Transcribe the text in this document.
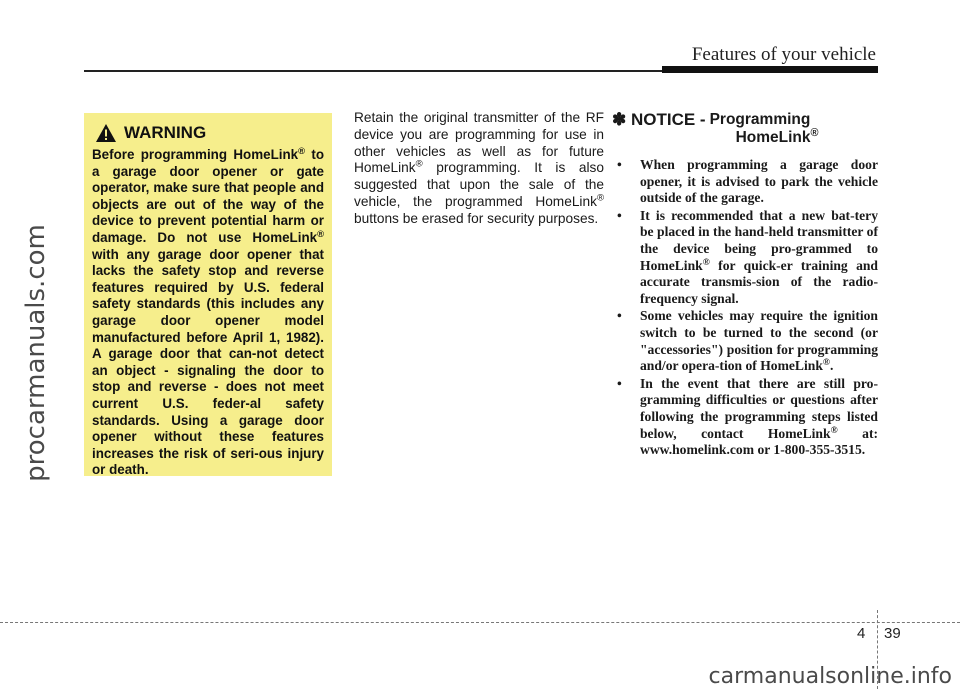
Features of your vehicle
procarmanuals.com
WARNING
Before programming HomeLink® to a garage door opener or gate operator, make sure that people and objects are out of the way of the device to prevent potential harm or damage. Do not use HomeLink® with any garage door opener that lacks the safety stop and reverse features required by U.S. federal safety standards (this includes any garage door opener model manufactured before April 1, 1982). A garage door that can-not detect an object - signaling the door to stop and reverse - does not meet current U.S. feder-al safety standards. Using a garage door opener without these features increases the risk of seri-ous injury or death.
Retain the original transmitter of the RF device you are programming for use in other vehicles as well as for future HomeLink® programming. It is also suggested that upon the sale of the vehicle, the programmed HomeLink® buttons be erased for security purposes.
✽ NOTICE - Programming
HomeLink®
• When programming a garage door opener, it is advised to park the vehicle outside of the garage.
• It is recommended that a new bat-tery be placed in the hand-held transmitter of the device being pro-grammed to HomeLink® for quick-er training and accurate transmis-sion of the radio-frequency signal.
• Some vehicles may require the ignition switch to be turned to the second (or "accessories") position for programming and/or opera-tion of HomeLink®.
• In the event that there are still pro-gramming difficulties or questions after following the programming steps listed below, contact HomeLink® at: www.homelink.com or 1-800-355-3515.
4 39
carmanualsonline.info
